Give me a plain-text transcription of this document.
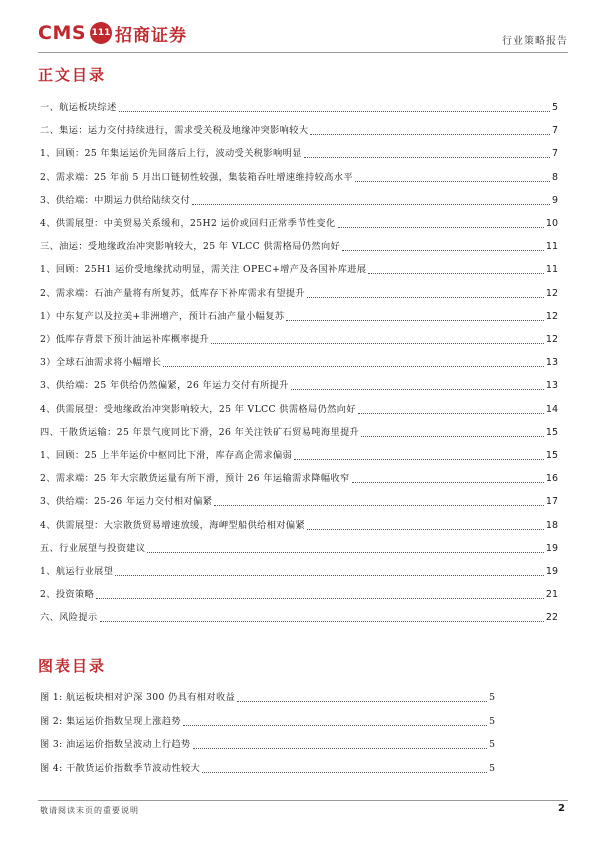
CMS 111 招商证券	行业策略报告
正文目录
图表目录
敬请阅读末页的重要说明	2
一、航运板块综述	5
二、集运：运力交付持续进行，需求受关税及地缘冲突影响较大	7
1、回顾：25 年集运运价先回落后上行，波动受关税影响明显	7
2、需求端：25 年前 5 月出口链韧性较强，集装箱吞吐增速维持较高水平	8
3、供给端：中期运力供给陆续交付	9
4、供需展望：中美贸易关系缓和，25H2 运价或回归正常季节性变化	10
三、油运：受地缘政治冲突影响较大，25 年 VLCC 供需格局仍然向好	11
1、回顾：25H1 运价受地缘扰动明显，需关注 OPEC+增产及各国补库进展	11
2、需求端：石油产量将有所复苏，低库存下补库需求有望提升	12
1）中东复产以及拉美+非洲增产，预计石油产量小幅复苏	12
2）低库存背景下预计油运补库概率提升	12
3）全球石油需求将小幅增长	13
3、供给端：25 年供给仍然偏紧，26 年运力交付有所提升	13
4、供需展望：受地缘政治冲突影响较大，25 年 VLCC 供需格局仍然向好	14
四、干散货运输：25 年景气度同比下滑，26 年关注铁矿石贸易吨海里提升	15
1、回顾：25 上半年运价中枢同比下滑，库存高企需求偏弱	15
2、需求端：25 年大宗散货运量有所下滑，预计 26 年运输需求降幅收窄	16
3、供给端：25-26 年运力交付相对偏紧	17
4、供需展望：大宗散货贸易增速放缓，海岬型船供给相对偏紧	18
五、行业展望与投资建议	19
1、航运行业展望	19
2、投资策略	21
六、风险提示	22
图 1: 航运板块相对沪深 300 仍具有相对收益	5
图 2: 集运运价指数呈现上涨趋势	5
图 3: 油运运价指数呈波动上行趋势	5
图 4: 干散货运价指数季节波动性较大	5
